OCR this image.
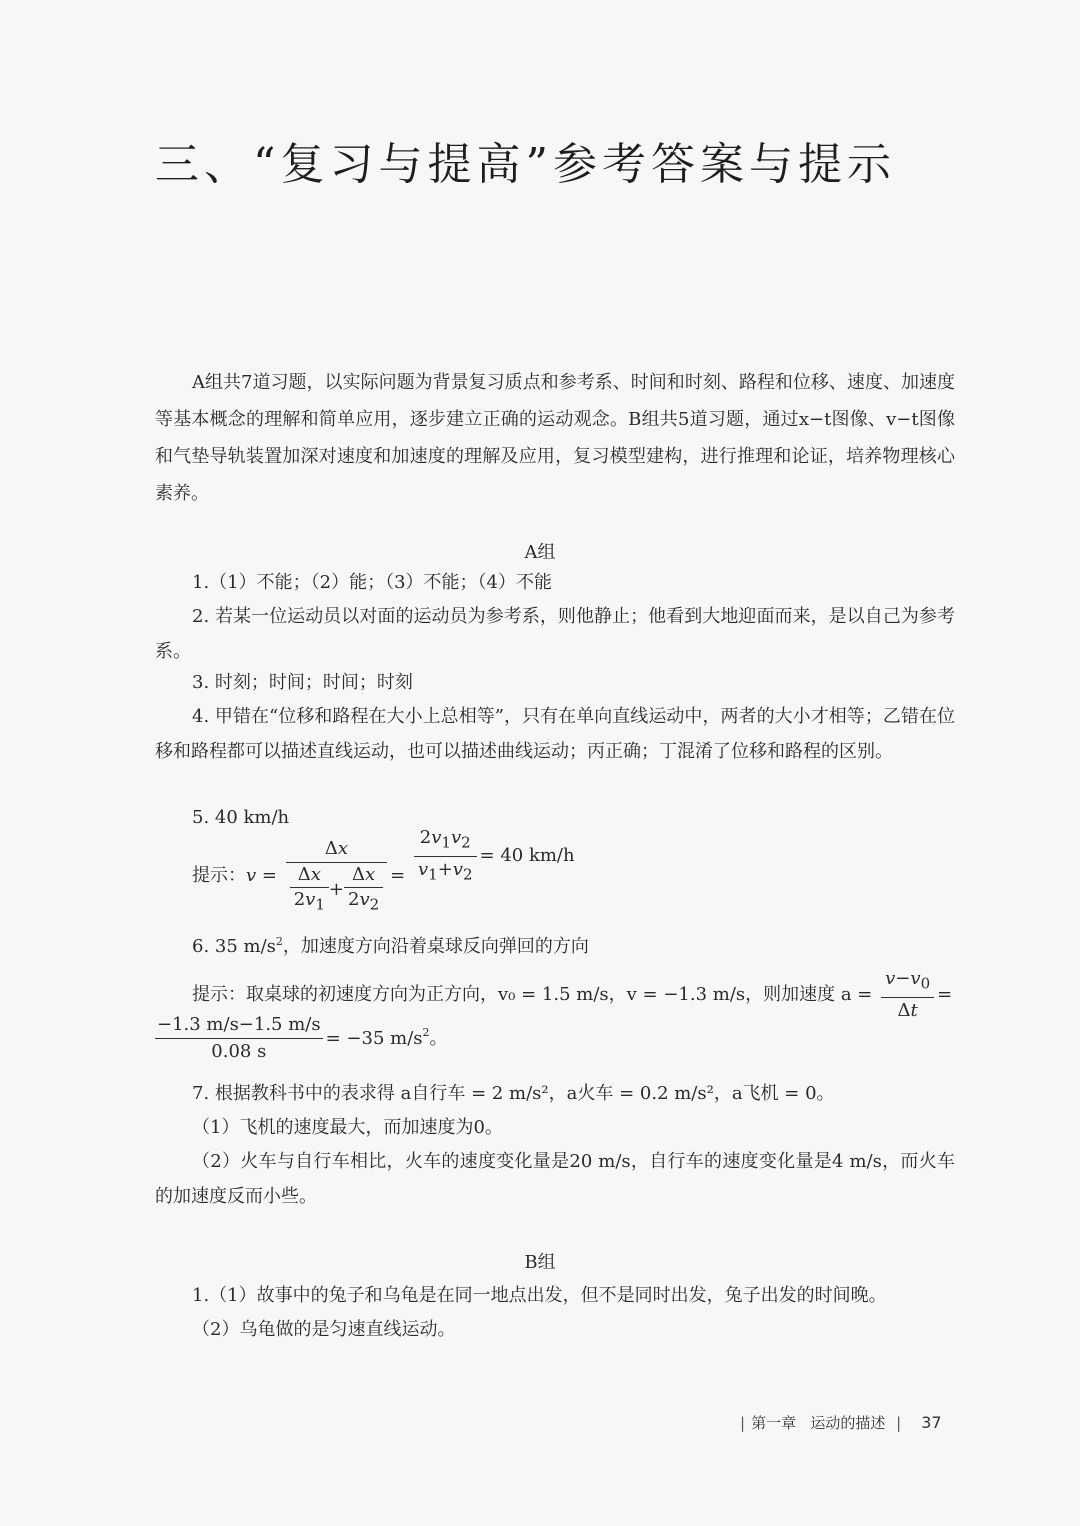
三、“复习与提高”参考答案与提示
A组共7道习题，以实际问题为背景复习质点和参考系、时间和时刻、路程和位移、速度、加速度等基本概念的理解和简单应用，逐步建立正确的运动观念。B组共5道习题，通过x−t图像、v−t图像和气垫导轨装置加深对速度和加速度的理解及应用，复习模型建构，进行推理和论证，培养物理核心素养。
A组
1.（1）不能；（2）能；（3）不能；（4）不能
2. 若某一位运动员以对面的运动员为参考系，则他静止；他看到大地迎面而来，是以自己为参考系。
3. 时刻；时间；时间；时刻
4. 甲错在“位移和路程在大小上总相等”，只有在单向直线运动中，两者的大小才相等；乙错在位移和路程都可以描述直线运动，也可以描述曲线运动；丙正确；丁混淆了位移和路程的区别。
5. 40 km/h
提示：$v = \frac{\Delta x}{\frac{\Delta x}{2v_1} + \frac{\Delta x}{2v_2}} = \frac{2v_1v_2}{v_1+v_2} = 40$ km/h
6. 35 $m/s^2$，加速度方向沿着桌球反向弹回的方向
提示：取桌球的初速度方向为正方向，v₀ = 1.5 m/s，v = −1.3 m/s，则加速度 $a = \frac{v-v_0}{\Delta t}$ =
$\frac{-1.3 m/s-1.5 m/s}{0.08 s} = -35$ m/s2。
7. 根据教科书中的表求得 a自行车 = 2 m/s²，a火车 = 0.2 m/s²，a飞机 = 0。
（1）飞机的速度最大，而加速度为0。
（2）火车与自行车相比，火车的速度变化量是20 m/s，自行车的速度变化量是4 m/s，而火车的加速度反而小些。
B组
1.（1）故事中的兔子和乌龟是在同一地点出发，但不是同时出发，兔子出发的时间晚。
（2）乌龟做的是匀速直线运动。
| 第一章 运动的描述 | 37
